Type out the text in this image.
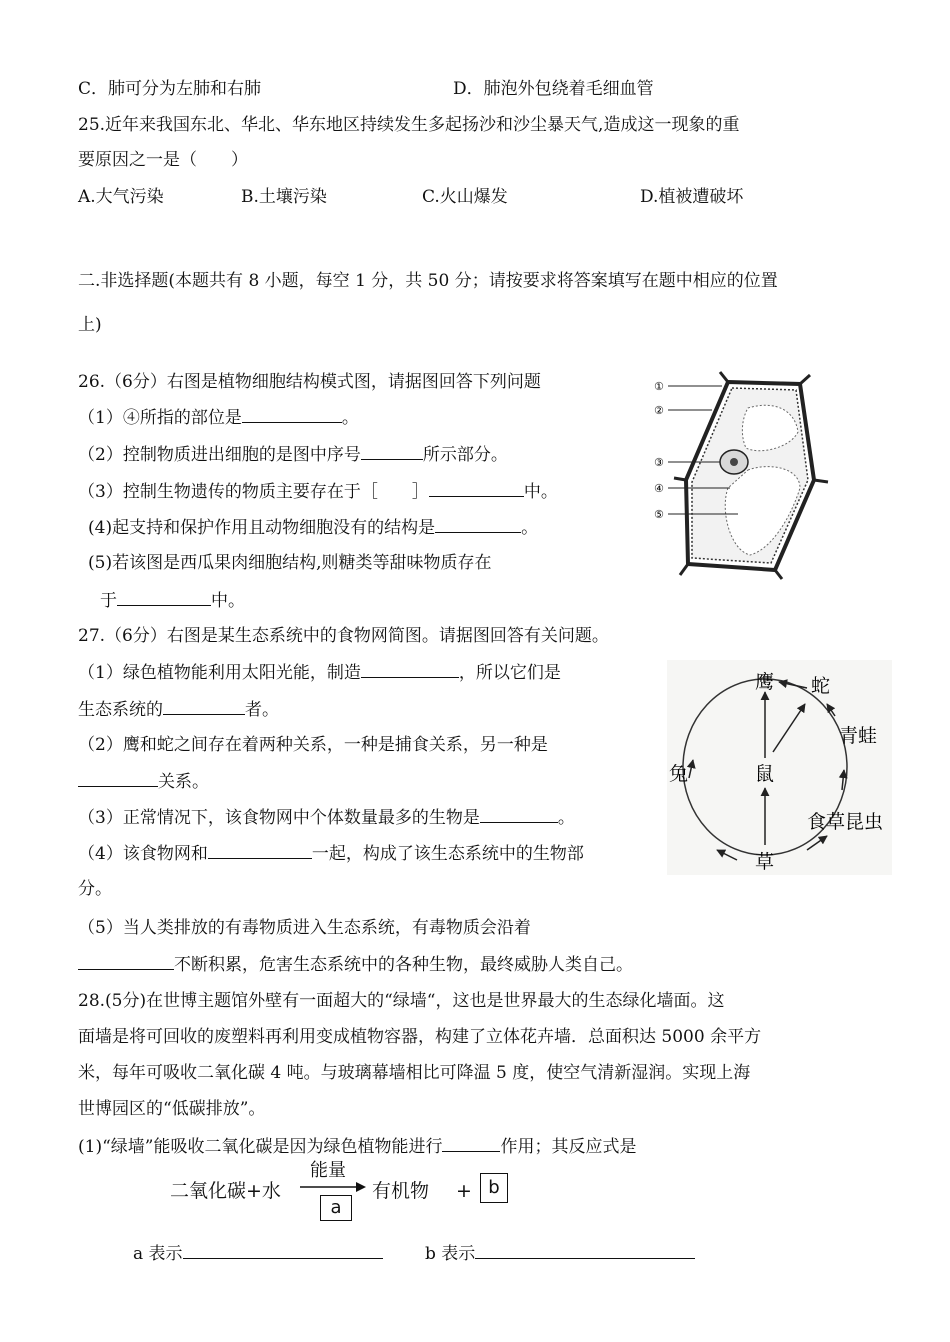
C．肺可分为左肺和右肺	D．肺泡外包绕着毛细血管
25.近年来我国东北、华北、华东地区持续发生多起扬沙和沙尘暴天气,造成这一现象的重
要原因之一是（　　）
A.大气污染	B.土壤污染	C.火山爆发	D.植被遭破坏
二.非选择题(本题共有 8 小题，每空 1 分，共 50 分；请按要求将答案填写在题中相应的位置
上)
26.（6分）右图是植物细胞结构模式图，请据图回答下列问题
（1）④所指的部位是	。
（2）控制物质进出细胞的是图中序号	所示部分。
（3）控制生物遗传的物质主要存在于［　　］	中。
(4)起支持和保护作用且动物细胞没有的结构是	。
(5)若该图是西瓜果肉细胞结构,则糖类等甜味物质存在
于	中。
①
②
③
④
⑤
27.（6分）右图是某生态系统中的食物网简图。请据图回答有关问题。
（1）绿色植物能利用太阳光能，制造	，所以它们是
生态系统的	者。
（2）鹰和蛇之间存在着两种关系，一种是捕食关系，另一种是
关系。
（3）正常情况下，该食物网中个体数量最多的生物是	。
（4）该食物网和	一起，构成了该生态系统中的生物部
分。
（5）当人类排放的有毒物质进入生态系统，有毒物质会沿着
不断积累，危害生态系统中的各种生物，最终威胁人类自己。
鹰 蛇
青蛙
兔	鼠
食草昆虫
草
28.(5分)在世博主题馆外壁有一面超大的“绿墙“，这也是世界最大的生态绿化墙面。这
面墙是将可回收的废塑料再利用变成植物容器，构建了立体花卉墙．总面积达 5000 余平方
米，每年可吸收二氧化碳 4 吨。与玻璃幕墙相比可降温 5 度，使空气清新湿润。实现上海
世博园区的“低碳排放”。
(1)“绿墙”能吸收二氧化碳是因为绿色植物能进行	作用；其反应式是
二氧化碳+水
能量
a
有机物 + b
a 表示	b 表示
